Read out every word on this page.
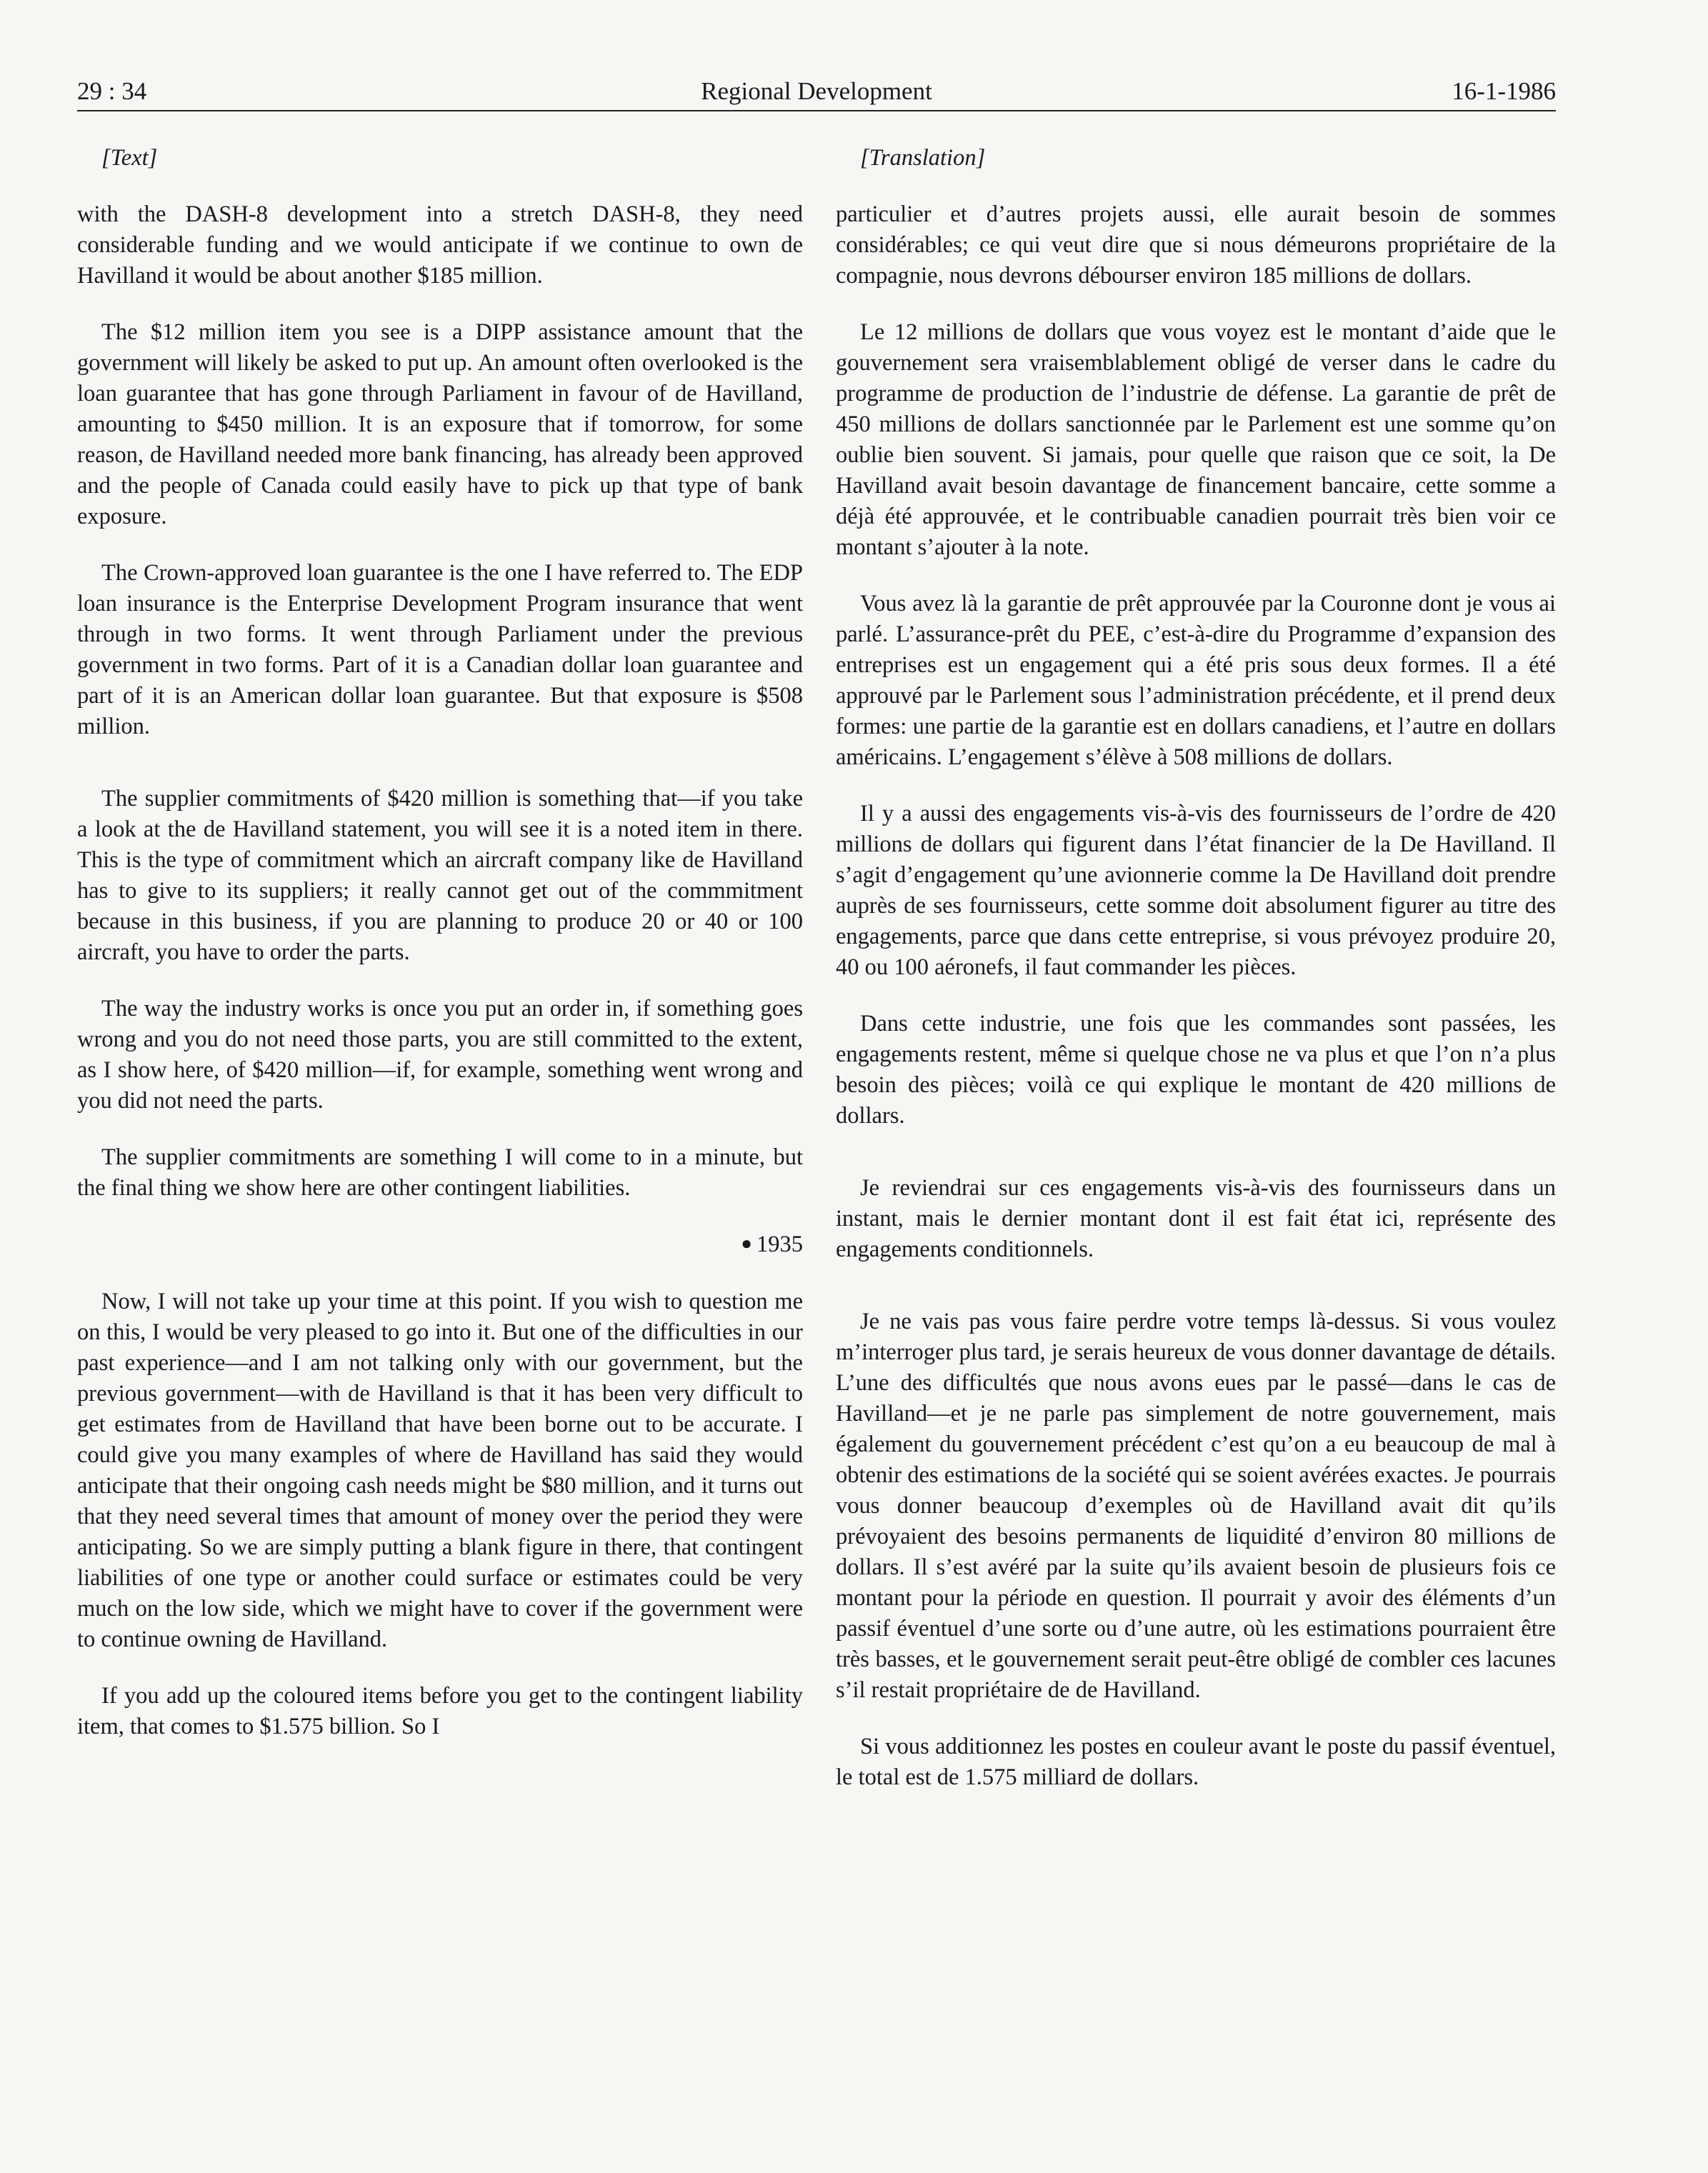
29 : 34	Regional Development	16-1-1986

[Text]

with the DASH-8 development into a stretch DASH-8, they need considerable funding and we would anticipate if we continue to own de Havilland it would be about another $185 million.

The $12 million item you see is a DIPP assistance amount that the government will likely be asked to put up. An amount often overlooked is the loan guarantee that has gone through Parliament in favour of de Havilland, amounting to $450 million. It is an exposure that if tomorrow, for some reason, de Havilland needed more bank financing, has already been approved and the people of Canada could easily have to pick up that type of bank exposure.

The Crown-approved loan guarantee is the one I have referred to. The EDP loan insurance is the Enterprise Development Program insurance that went through in two forms. It went through Parliament under the previous government in two forms. Part of it is a Canadian dollar loan guarantee and part of it is an American dollar loan guarantee. But that exposure is $508 million.

The supplier commitments of $420 million is something that—if you take a look at the de Havilland statement, you will see it is a noted item in there. This is the type of commitment which an aircraft company like de Havilland has to give to its suppliers; it really cannot get out of the commmitment because in this business, if you are planning to produce 20 or 40 or 100 aircraft, you have to order the parts.

The way the industry works is once you put an order in, if something goes wrong and you do not need those parts, you are still committed to the extent, as I show here, of $420 million—if, for example, something went wrong and you did not need the parts.

The supplier commitments are something I will come to in a minute, but the final thing we show here are other contingent liabilities.

● 1935

Now, I will not take up your time at this point. If you wish to question me on this, I would be very pleased to go into it. But one of the difficulties in our past experience—and I am not talking only with our government, but the previous government—with de Havilland is that it has been very difficult to get estimates from de Havilland that have been borne out to be accurate. I could give you many examples of where de Havilland has said they would anticipate that their ongoing cash needs might be $80 million, and it turns out that they need several times that amount of money over the period they were anticipating. So we are simply putting a blank figure in there, that contingent liabilities of one type or another could surface or estimates could be very much on the low side, which we might have to cover if the government were to continue owning de Havilland.

If you add up the coloured items before you get to the contingent liability item, that comes to $1.575 billion. So I

[Translation]

particulier et d’autres projets aussi, elle aurait besoin de sommes considérables; ce qui veut dire que si nous démeurons propriétaire de la compagnie, nous devrons débourser environ 185 millions de dollars.

Le 12 millions de dollars que vous voyez est le montant d’aide que le gouvernement sera vraisemblablement obligé de verser dans le cadre du programme de production de l’industrie de défense. La garantie de prêt de 450 millions de dollars sanctionnée par le Parlement est une somme qu’on oublie bien souvent. Si jamais, pour quelle que raison que ce soit, la De Havilland avait besoin davantage de financement bancaire, cette somme a déjà été approuvée, et le contribuable canadien pourrait très bien voir ce montant s’ajouter à la note.

Vous avez là la garantie de prêt approuvée par la Couronne dont je vous ai parlé. L’assurance-prêt du PEE, c’est-à-dire du Programme d’expansion des entreprises est un engagement qui a été pris sous deux formes. Il a été approuvé par le Parlement sous l’administration précédente, et il prend deux formes: une partie de la garantie est en dollars canadiens, et l’autre en dollars américains. L’engagement s’élève à 508 millions de dollars.

Il y a aussi des engagements vis-à-vis des fournisseurs de l’ordre de 420 millions de dollars qui figurent dans l’état financier de la De Havilland. Il s’agit d’engagement qu’une avionnerie comme la De Havilland doit prendre auprès de ses fournisseurs, cette somme doit absolument figurer au titre des engagements, parce que dans cette entreprise, si vous prévoyez produire 20, 40 ou 100 aéronefs, il faut commander les pièces.

Dans cette industrie, une fois que les commandes sont passées, les engagements restent, même si quelque chose ne va plus et que l’on n’a plus besoin des pièces; voilà ce qui explique le montant de 420 millions de dollars.

Je reviendrai sur ces engagements vis-à-vis des fournisseurs dans un instant, mais le dernier montant dont il est fait état ici, représente des engagements conditionnels.

Je ne vais pas vous faire perdre votre temps là-dessus. Si vous voulez m’interroger plus tard, je serais heureux de vous donner davantage de détails. L’une des difficultés que nous avons eues par le passé—dans le cas de Havilland—et je ne parle pas simplement de notre gouvernement, mais également du gouvernement précédent c’est qu’on a eu beaucoup de mal à obtenir des estimations de la société qui se soient avérées exactes. Je pourrais vous donner beaucoup d’exemples où de Havilland avait dit qu’ils prévoyaient des besoins permanents de liquidité d’environ 80 millions de dollars. Il s’est avéré par la suite qu’ils avaient besoin de plusieurs fois ce montant pour la période en question. Il pourrait y avoir des éléments d’un passif éventuel d’une sorte ou d’une autre, où les estimations pourraient être très basses, et le gouvernement serait peut-être obligé de combler ces lacunes s’il restait propriétaire de de Havilland.

Si vous additionnez les postes en couleur avant le poste du passif éventuel, le total est de 1.575 milliard de dollars.
